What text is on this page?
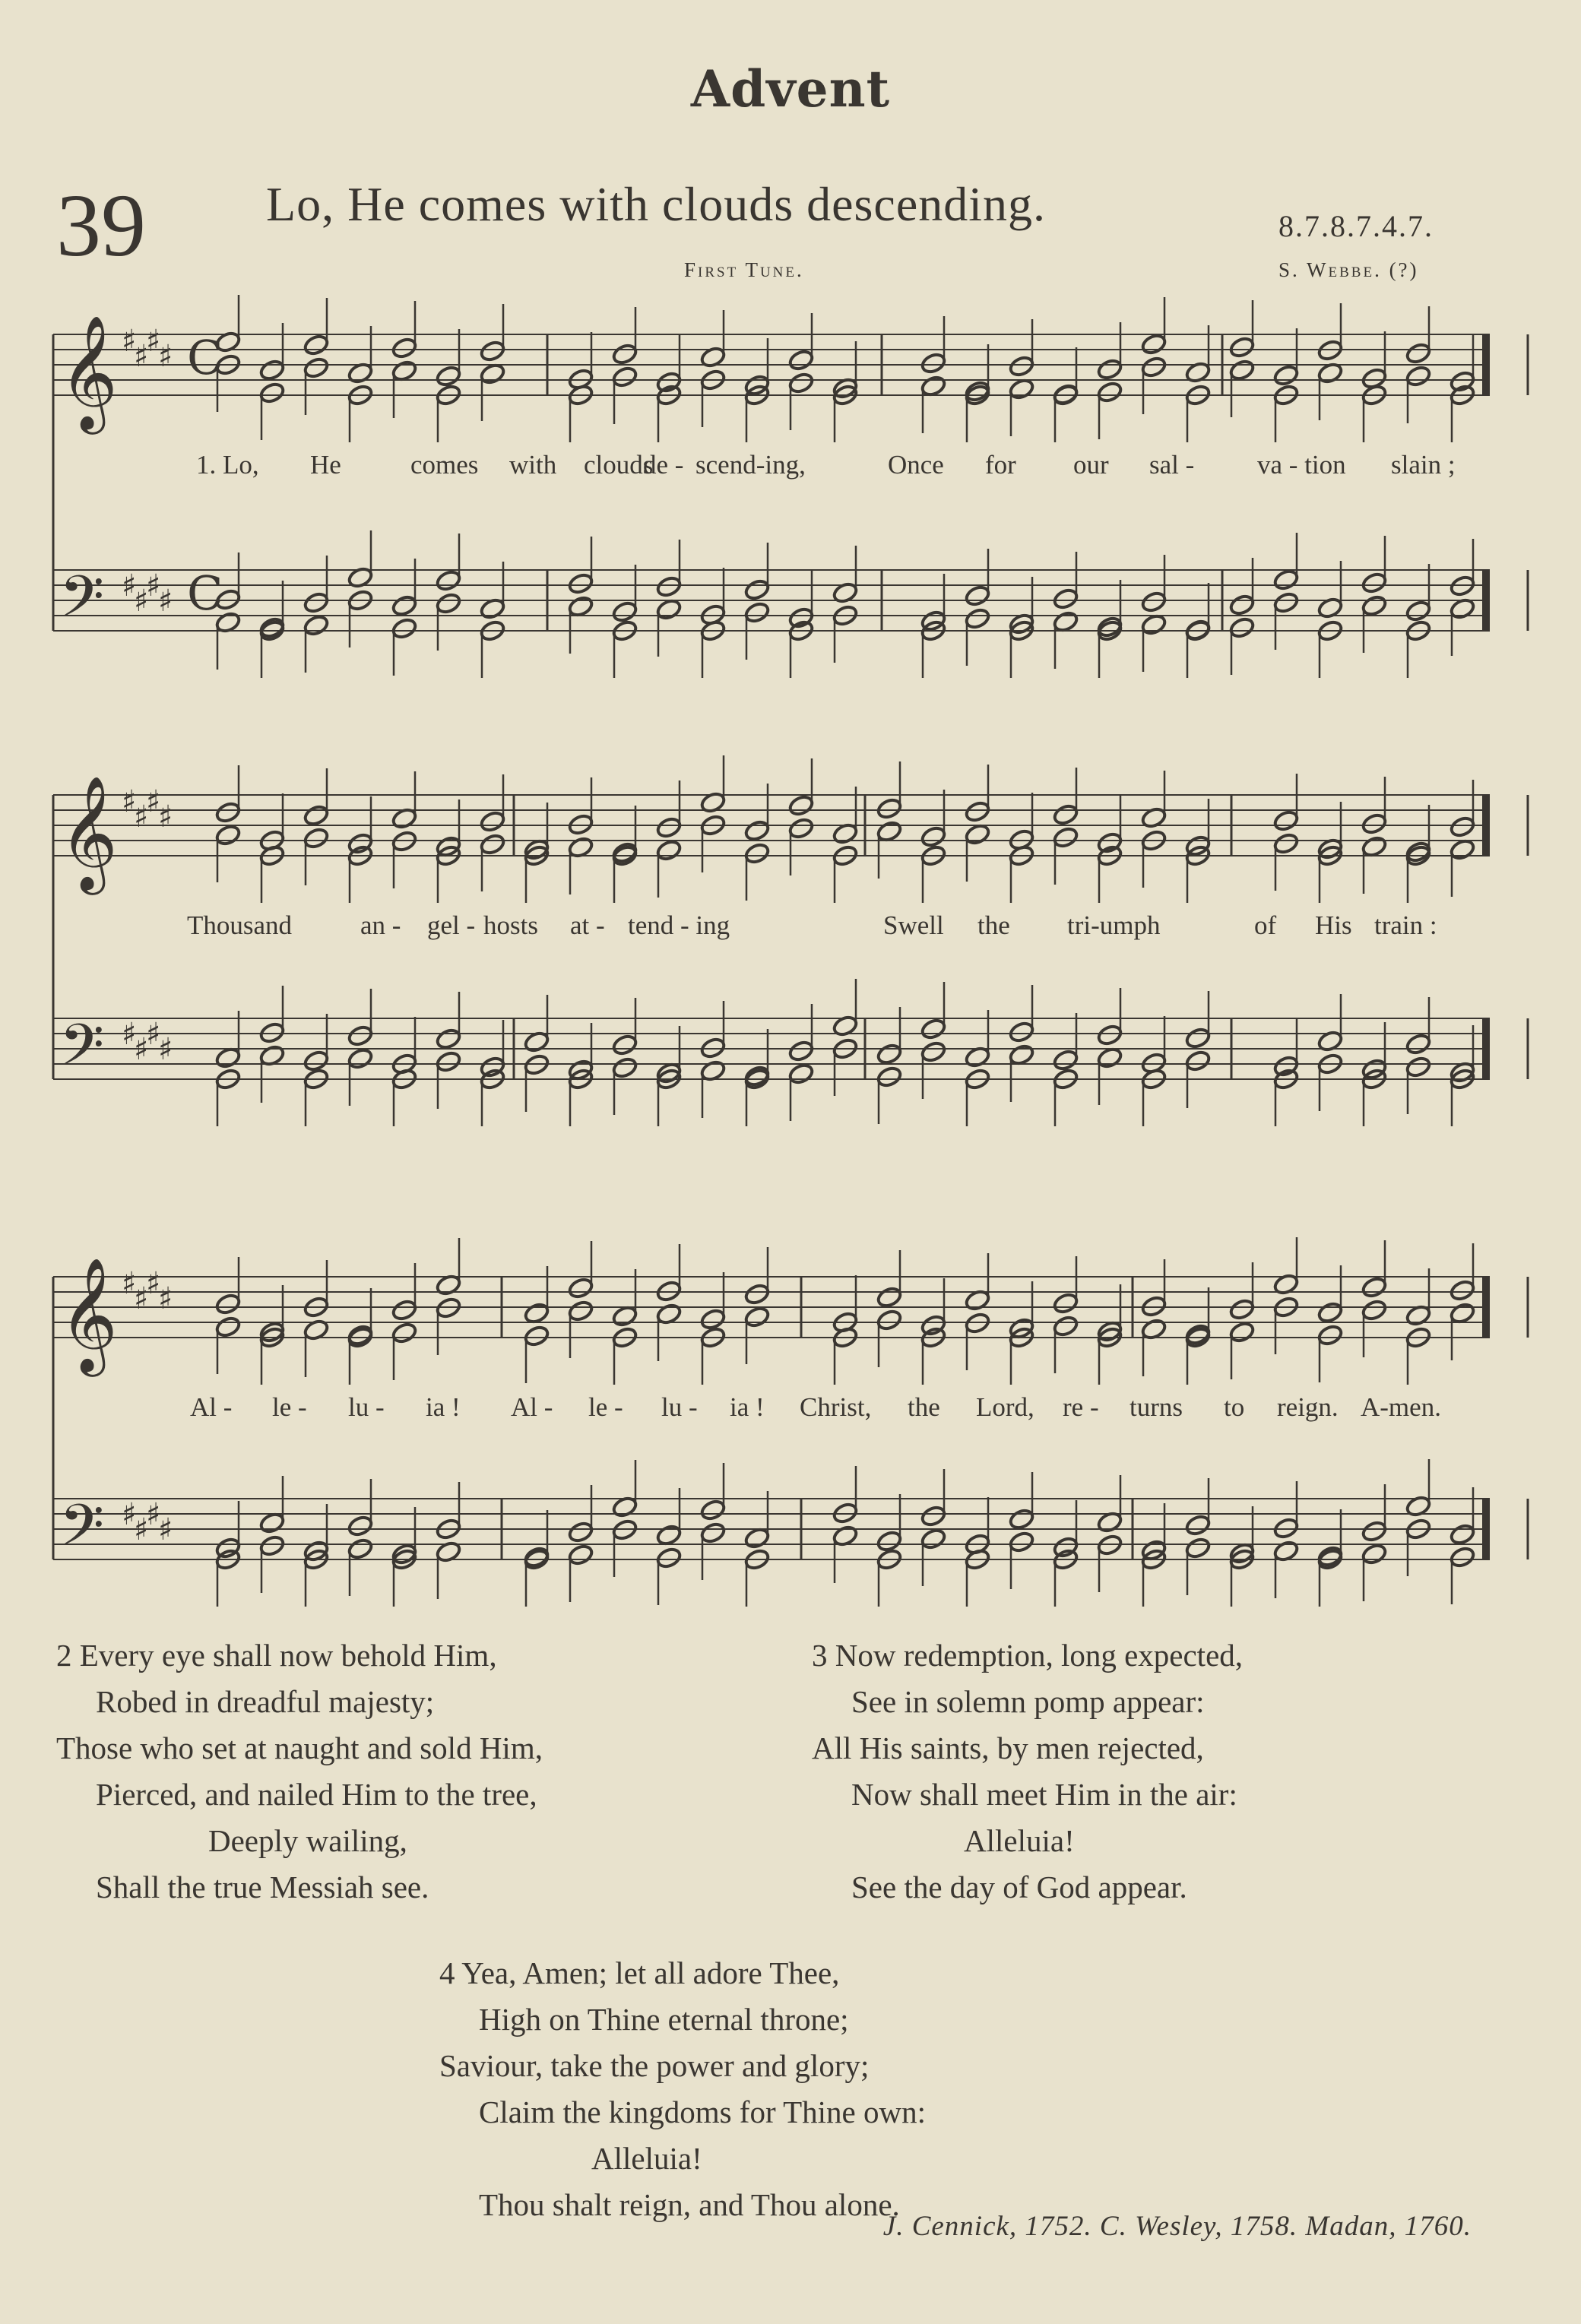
Advent
39 Lo, He comes with clouds descending.	8.7.8.7.4.7.
First Tune.	S. Webbe. (?)
𝄞 ♯
♯
♯
♯ C
𝄢 ♯
♯
♯
♯ C
𝄞 ♯
♯
♯
♯
𝄢 ♯
♯
♯
♯
𝄞 ♯
♯
♯
♯
𝄢 ♯
♯
♯
♯
1. Lo, He	comes with clouds
de - scend-ing,	Once for our sal - va - tion slain ;
Thousand	an - gel - hosts at - tend - ing	Swell the tri-umph	of His train :
Al - le - lu - ia ! Al - le - lu - ia ! Christ, the Lord, re - turns to reign. A-men.
2 Every eye shall now behold Him,
Robed in dreadful majesty;
Those who set at naught and sold Him,
Pierced, and nailed Him to the tree,
Deeply wailing,
Shall the true Messiah see.
3 Now redemption, long expected,
See in solemn pomp appear:
All His saints, by men rejected,
Now shall meet Him in the air:
Alleluia!
See the day of God appear.
4 Yea, Amen; let all adore Thee,
High on Thine eternal throne;
Saviour, take the power and glory;
Claim the kingdoms for Thine own:
Alleluia!
Thou shalt reign, and Thou alone.
J. Cennick, 1752. C. Wesley, 1758. Madan, 1760.
